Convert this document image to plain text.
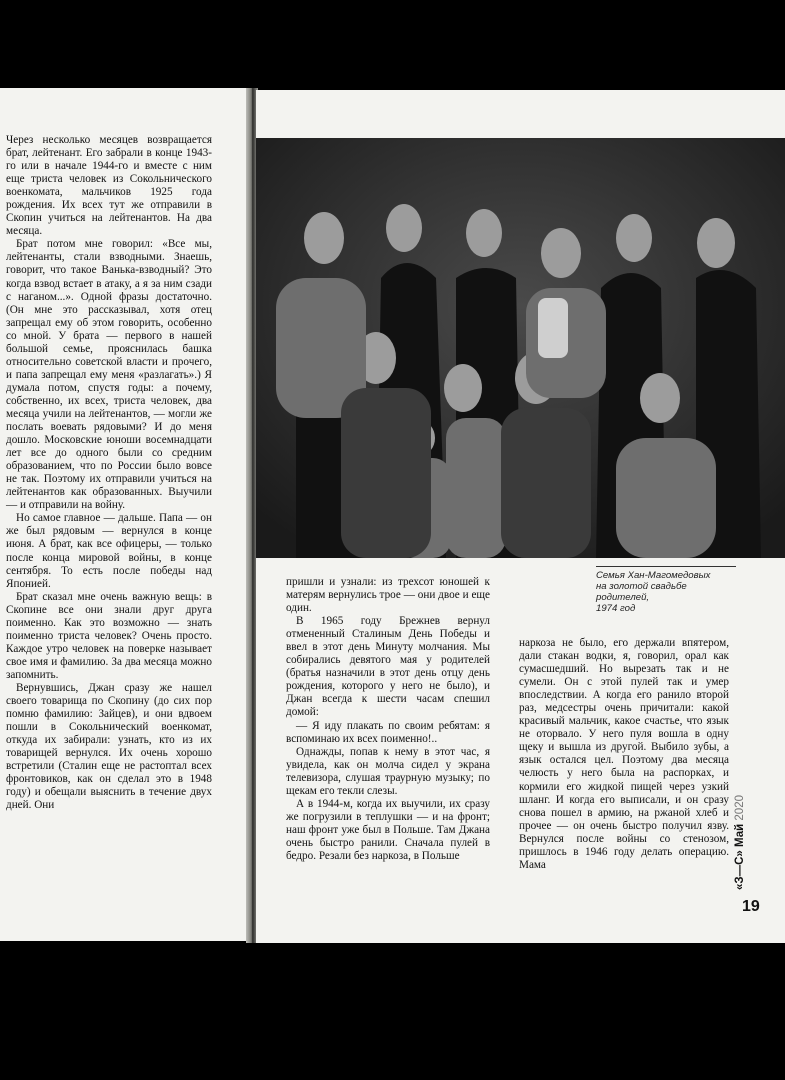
Через несколько месяцев возвращается брат, лейтенант. Его забрали в конце 1943-го или в начале 1944-го и вместе с ним еще триста человек из Сокольнического военкомата, мальчиков 1925 года рождения. Их всех тут же отправили в Скопин учиться на лейтенантов. На два месяца.

Брат потом мне говорил: «Все мы, лейтенанты, стали взводными. Знаешь, говорит, что такое Ванька-взводный? Это когда взвод встает в атаку, а я за ним сзади с наганом...». Одной фразы достаточно. (Он мне это рассказывал, хотя отец запрещал ему об этом говорить, особенно со мной. У брата — первого в нашей большой семье, прояснилась башка относительно советской власти и прочего, и папа запрещал ему меня «разлагать».) Я думала потом, спустя годы: а почему, собственно, их всех, триста человек, два месяца учили на лейтенантов, — могли же послать воевать рядовыми? И до меня дошло. Московские юноши восемнадцати лет все до одного были со средним образованием, что по России было вовсе не так. Поэтому их отправили учиться на лейтенантов как образованных. Выучили — и отправили на войну.

Но самое главное — дальше. Папа — он же был рядовым — вернулся в конце июня. А брат, как все офицеры, — только после конца мировой войны, в конце сентября. То есть после победы над Японией.

Брат сказал мне очень важную вещь: в Скопине все они знали друг друга поименно. Как это возможно — знать поименно триста человек? Очень просто. Каждое утро человек на поверке называет свое имя и фамилию. За два месяца можно запомнить.

Вернувшись, Джан сразу же нашел своего товарища по Скопину (до сих пор помню фамилию: Зайцев), и они вдвоем пошли в Сокольнический военкомат, откуда их забирали: узнать, кто из их товарищей вернулся. Их очень хорошо встретили (Сталин еще не растоптал всех фронтовиков, как он сделал это в 1948 году) и обещали выяснить в течение двух дней. Они

Семья Хан-Магомедовых
на золотой свадьбе
родителей,
1974 год

пришли и узнали: из трехсот юношей к матерям вернулись трое — они двое и еще один.

В 1965 году Брежнев вернул отмененный Сталиным День Победы и ввел в этот день Минуту молчания. Мы собирались девятого мая у родителей (братья назначили в этот день отцу день рождения, которого у него не было), и Джан всегда к шести часам спешил домой:

— Я иду плакать по своим ребятам: я вспоминаю их всех поименно!..

Однажды, попав к нему в этот час, я увидела, как он молча сидел у экрана телевизора, слушая траурную музыку; по щекам его текли слезы.

А в 1944-м, когда их выучили, их сразу же погрузили в теплушки — и на фронт; наш фронт уже был в Польше. Там Джана очень быстро ранили. Сначала пулей в бедро. Резали без наркоза, в Польше

наркоза не было, его держали впятером, дали стакан водки, я, говорил, орал как сумасшедший. Но вырезать так и не сумели. Он с этой пулей так и умер впоследствии. А когда его ранило второй раз, медсестры очень причитали: какой красивый мальчик, какое счастье, что язык не оторвало. У него пуля вошла в одну щеку и вышла из другой. Выбило зубы, а язык остался цел. Поэтому два месяца челюсть у него была на распорках, и кормили его жидкой пищей через узкий шланг. И когда его выписали, и он сразу снова пошел в армию, на ржаной хлеб и прочее — он очень быстро получил язву. Вернулся после войны со стенозом, пришлось в 1946 году делать операцию. Мама	«З—С» Май 2020
19
